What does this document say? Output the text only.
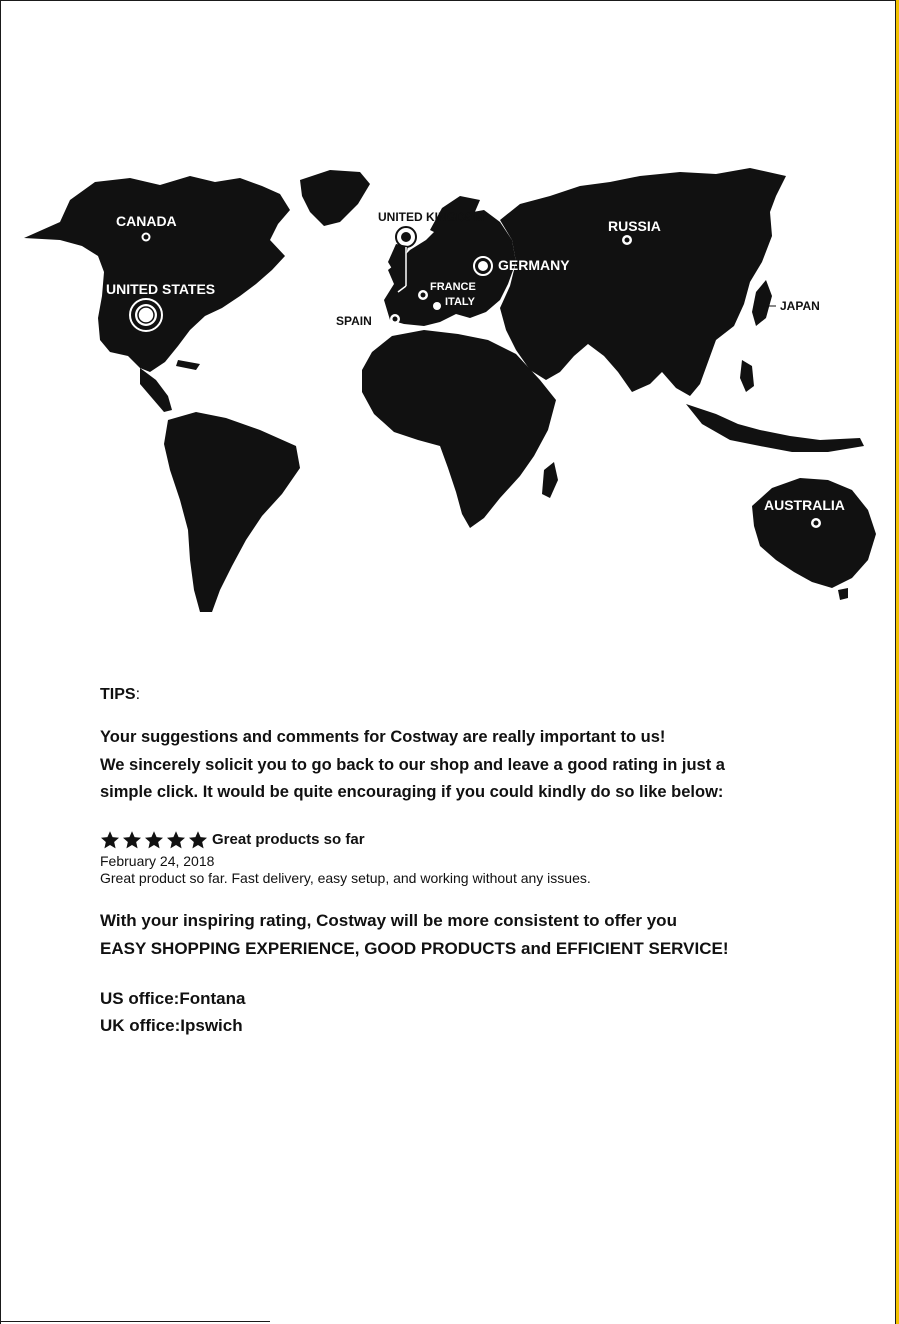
CANADA
UNITED STATES
UNITED KINGDOM
GERMANY
FRANCE
ITALY
SPAIN
RUSSIA
JAPAN
AUSTRALIA

TIPS:

Your suggestions and comments for Costway are really important to us!

We sincerely solicit you to go back to our shop and leave a good rating in just a

simple click. It would be quite encouraging if you could kindly do so like below:

Great products so far
February 24, 2018
Great product so far. Fast delivery, easy setup, and working without any issues.
With your inspiring rating, Costway will be more consistent to offer you
EASY SHOPPING EXPERIENCE, GOOD PRODUCTS and EFFICIENT SERVICE!
US office:Fontana
UK office:Ipswich
